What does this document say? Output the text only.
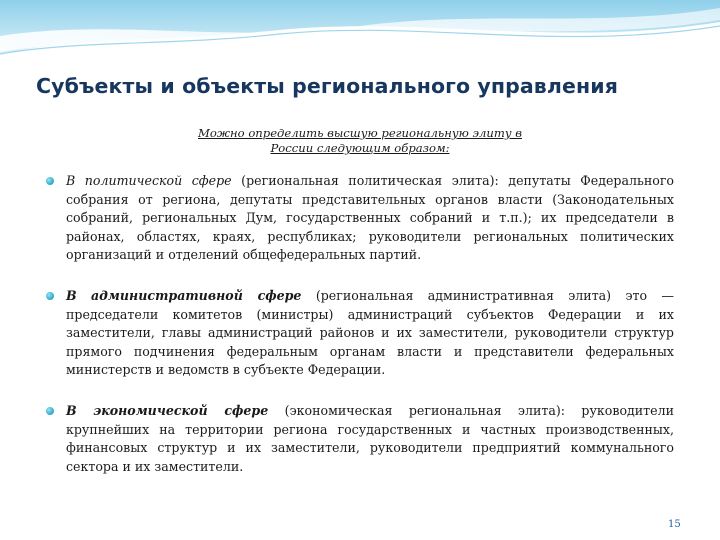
Субъекты и объекты регионального управления
Можно определить высшую региональную элиту в
России следующим образом:
В политической сфере (региональная политическая элита): депутаты Федерального собрания от региона, депутаты представительных органов власти (Законодательных собраний, региональных Дум, государственных собраний и т.п.); их председатели в районах, областях, краях, республиках; руководители региональных политических организаций и отделений общефедеральных партий.
В административной сфере (региональная административная элита) это — председатели комитетов (министры) администраций субъектов Федерации и их заместители, главы администраций районов и их заместители, руководители структур прямого подчинения федеральным органам власти и представители федеральных министерств и ведомств в субъекте Федерации.
В экономической сфере (экономическая региональная элита): руководители крупнейших на территории региона государственных и частных производственных, финансовых структур и их заместители, руководители предприятий коммунального сектора и их заместители.
15
